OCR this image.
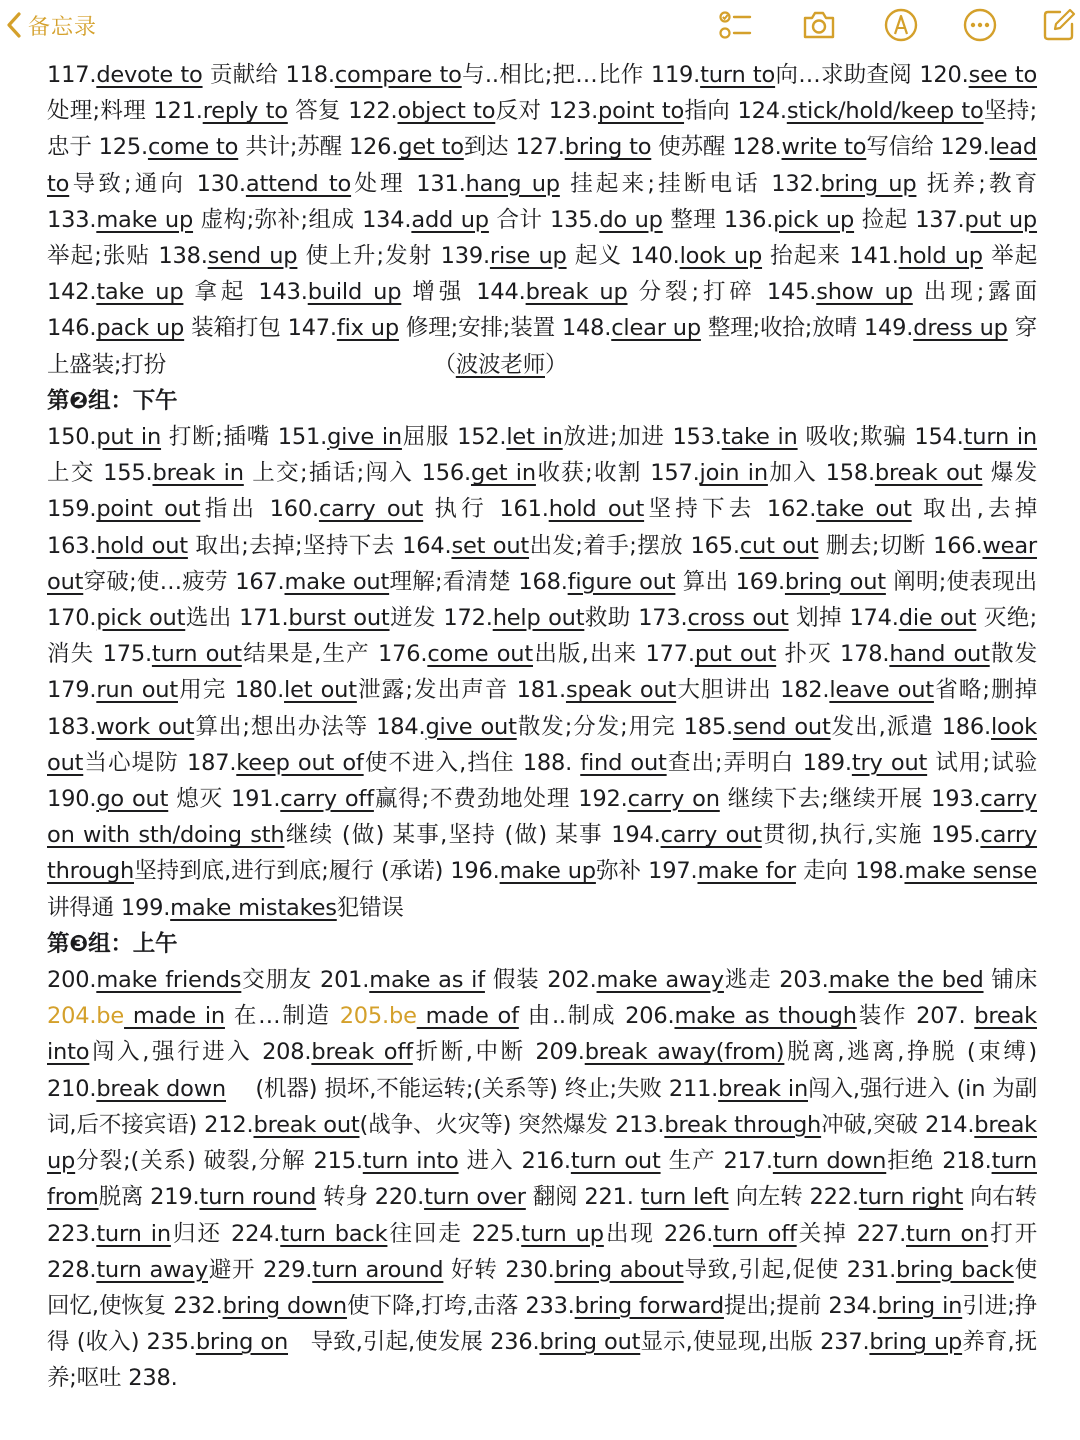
备忘录

117.devote to 贡献给 118.compare to与..相比;把…比作 119.turn to向…求助查阅 120.see to处理;料理 121.reply to 答复 122.object to反对 123.point to指向 124.stick/hold/keep to坚持;忠于 125.come to 共计;苏醒 126.get to到达 127.bring to 使苏醒 128.write to写信给 129.lead to导致;通向 130.attend to处理 131.hang up 挂起来;挂断电话 132.bring up 抚养;教育 133.make up 虚构;弥补;组成 134.add up 合计 135.do up 整理 136.pick up 捡起 137.put up 举起;张贴 138.send up 使上升;发射 139.rise up 起义 140.look up 抬起来 141.hold up 举起 142.take up 拿起 143.build up 增强 144.break up 分裂;打碎 145.show up 出现;露面 146.pack up 装箱打包 147.fix up 修理;安排;装置 148.clear up 整理;收拾;放晴 149.dress up 穿上盛装;打扮            （波波老师）

第❷组：下午

150.put in 打断;插嘴 151.give in屈服 152.let in放进;加进 153.take in 吸收;欺骗 154.turn in 上交 155.break in 上交;插话;闯入 156.get in收获;收割 157.join in加入 158.break out 爆发 159.point out指出 160.carry out 执行 161.hold out坚持下去 162.take out 取出,去掉 163.hold out 取出;去掉;坚持下去 164.set out出发;着手;摆放 165.cut out 删去;切断 166.wear out穿破;使…疲劳 167.make out理解;看清楚 168.figure out 算出 169.bring out 阐明;使表现出 170.pick out选出 171.burst out迸发 172.help out救助 173.cross out 划掉 174.die out 灭绝;消失 175.turn out结果是,生产 176.come out出版,出来 177.put out 扑灭 178.hand out散发 179.run out用完 180.let out泄露;发出声音 181.speak out大胆讲出 182.leave out省略;删掉 183.work out算出;想出办法等 184.give out散发;分发;用完 185.send out发出,派遣 186.look out当心堤防 187.keep out of使不进入,挡住 188. find out查出;弄明白 189.try out 试用;试验 190.go out 熄灭 191.carry off赢得;不费劲地处理 192.carry on 继续下去;继续开展 193.carry on with sth/doing sth继续 (做) 某事,坚持 (做) 某事 194.carry out贯彻,执行,实施 195.carry through坚持到底,进行到底;履行 (承诺) 196.make up弥补 197.make for 走向 198.make sense 讲得通 199.make mistakes犯错误

第❸组：上午

200.make friends交朋友 201.make as if 假装 202.make away逃走 203.make the bed 铺床 204.be made in 在…制造 205.be made of 由..制成 206.make as though装作 207. break into闯入,强行进入 208.break off折断,中断 209.break away(from)脱离,逃离,挣脱 (束缚) 210.break down  (机器) 损坏,不能运转;(关系等) 终止;失败 211.break in闯入,强行进入 (in 为副词,后不接宾语) 212.break out(战争、火灾等) 突然爆发 213.break through冲破,突破 214.break up分裂;(关系) 破裂,分解 215.turn into 进入 216.turn out 生产 217.turn down拒绝 218.turn from脱离 219.turn round 转身 220.turn over 翻阅 221. turn left 向左转 222.turn right 向右转 223.turn in归还 224.turn back往回走 225.turn up出现 226.turn off关掉 227.turn on打开 228.turn away避开 229.turn around 好转 230.bring about导致,引起,促使 231.bring back使回忆,使恢复 232.bring down使下降,打垮,击落 233.bring forward提出;提前 234.bring in引进;挣得 (收入) 235.bring on 导致,引起,使发展 236.bring out显示,使显现,出版 237.bring up养育,抚养;呕吐 238.
